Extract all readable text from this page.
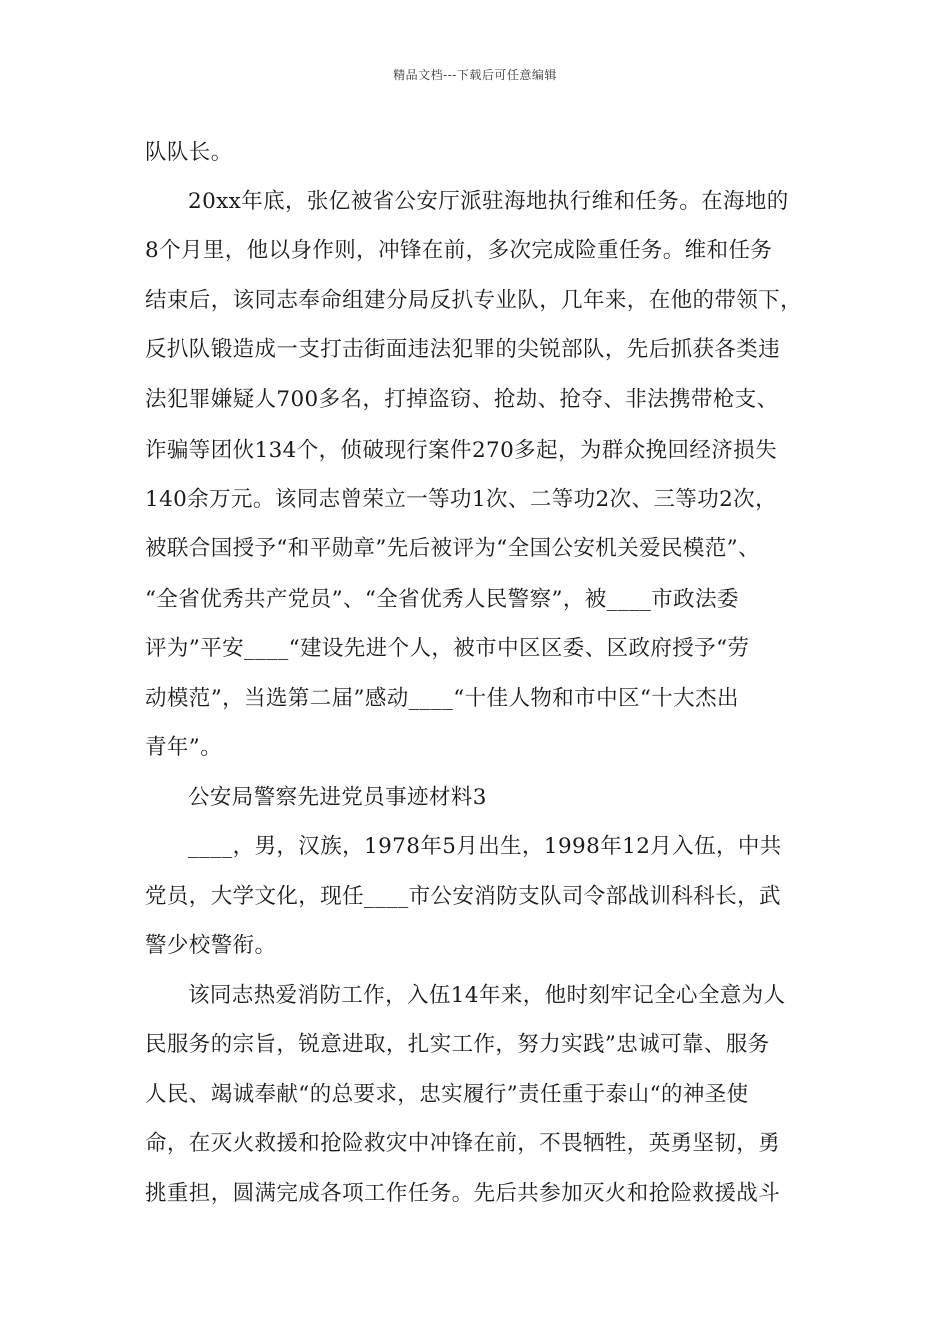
精品文档---下载后可任意编辑
队队长。
20xx年底，张亿被省公安厅派驻海地执行维和任务。在海地的
8个月里，他以身作则，冲锋在前，多次完成险重任务。维和任务
结束后，该同志奉命组建分局反扒专业队，几年来，在他的带领下，
反扒队锻造成一支打击街面违法犯罪的尖锐部队，先后抓获各类违
法犯罪嫌疑人700多名，打掉盗窃、抢劫、抢夺、非法携带枪支、
诈骗等团伙134个，侦破现行案件270多起，为群众挽回经济损失
140余万元。该同志曾荣立一等功1次、二等功2次、三等功2次，
被联合国授予“和平勋章”先后被评为“全国公安机关爱民模范”、
“全省优秀共产党员”、“全省优秀人民警察”，被____市政法委
评为”平安____“建设先进个人，被市中区区委、区政府授予“劳
动模范”，当选第二届”感动____“十佳人物和市中区“十大杰出
青年”。
公安局警察先进党员事迹材料3
____，男，汉族，1978年5月出生，1998年12月入伍，中共
党员，大学文化，现任____市公安消防支队司令部战训科科长，武
警少校警衔。
该同志热爱消防工作，入伍14年来，他时刻牢记全心全意为人
民服务的宗旨，锐意进取，扎实工作，努力实践”忠诚可靠、服务
人民、竭诚奉献“的总要求，忠实履行”责任重于泰山“的神圣使
命，在灭火救援和抢险救灾中冲锋在前，不畏牺牲，英勇坚韧，勇
挑重担，圆满完成各项工作任务。先后共参加灭火和抢险救援战斗
